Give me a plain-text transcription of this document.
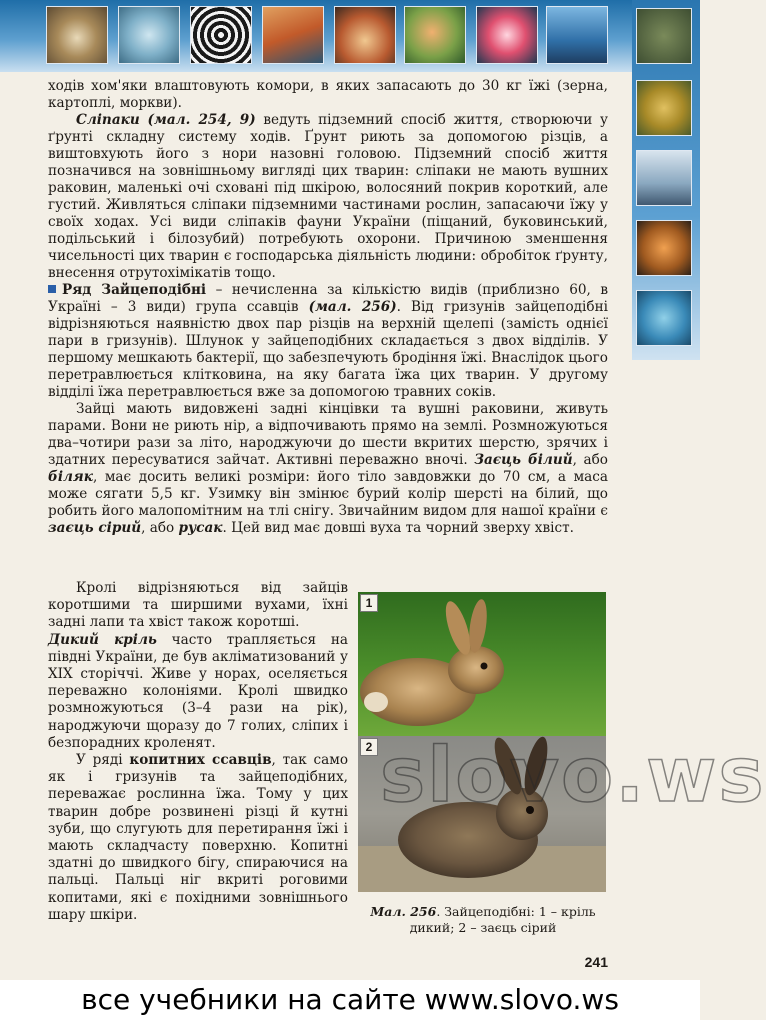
ходів хом'яки влаштовують комори, в яких запасають до 30 кг їжі (зерна, картоплі, моркви).

Сліпаки (мал. 254, 9) ведуть підземний спосіб життя, створюючи у ґрунті складну систему ходів. Ґрунт риють за допомогою різців, а виштовхують його з нори назовні головою. Підземний спосіб життя позначився на зовнішньому вигляді цих тварин: сліпаки не мають вушних раковин, маленькі очі сховані під шкірою, волосяний покрив короткий, але густий. Живляться сліпаки підземними частинами рослин, запасаючи їжу у своїх ходах. Усі види сліпаків фауни України (піщаний, буковинський, подільський і білозубий) потребують охорони. Причиною зменшення чисельності цих тварин є господарська діяльність людини: обробіток ґрунту, внесення отрутохімікатів тощо.

Ряд Зайцеподібні – нечисленна за кількістю видів (приблизно 60, в Україні – 3 види) група ссавців (мал. 256). Від гризунів зайцеподібні відрізняються наявністю двох пар різців на верхній щелепі (замість однієї пари в гризунів). Шлунок у зайцеподібних складається з двох відділів. У першому мешкають бактерії, що забезпечують бродіння їжі. Внаслідок цього перетравлюється клітковина, на яку багата їжа цих тварин. У другому відділі їжа перетравлюється вже за допомогою травних соків.

Зайці мають видовжені задні кінцівки та вушні раковини, живуть парами. Вони не риють нір, а відпочивають прямо на землі. Розмножуються два–чотири рази за літо, народжуючи до шести вкритих шерстю, зрячих і здатних пересуватися зайчат. Активні переважно вночі. Заєць білий, або біляк, має досить великі розміри: його тіло завдовжки до 70 см, а маса може сягати 5,5 кг. Узимку він змінює бурий колір шерсті на білий, що робить його малопомітним на тлі снігу. Звичайним видом для нашої країни є заєць сірий, або русак. Цей вид має довші вуха та чорний зверху хвіст.

Кролі відрізняються від зайців коротшими та ширшими вухами, їхні задні лапи та хвіст також коротші.

Дикий кріль часто трапляється на півдні України, де був акліматизований у XIX сторіччі. Живе у норах, оселяється переважно колоніями. Кролі швидко розмножуються (3–4 рази на рік), народжуючи щоразу до 7 голих, сліпих і безпорадних кроленят.

У ряді копитних ссавців, так само як і гризунів та зайцеподібних, переважає рослинна їжа. Тому у цих тварин добре розвинені різці й кутні зуби, що слугують для перетирання їжі і мають складчасту поверхню. Копитні здатні до швидкого бігу, спираючися на пальці. Пальці ніг вкриті роговими копитами, які є похідними зовнішнього шару шкіри.

1
2
Мал. 256. Зайцеподібні: 1 – кріль дикий; 2 – заєць сірий
241
slovo.ws
все учебники на сайте www.slovo.ws
